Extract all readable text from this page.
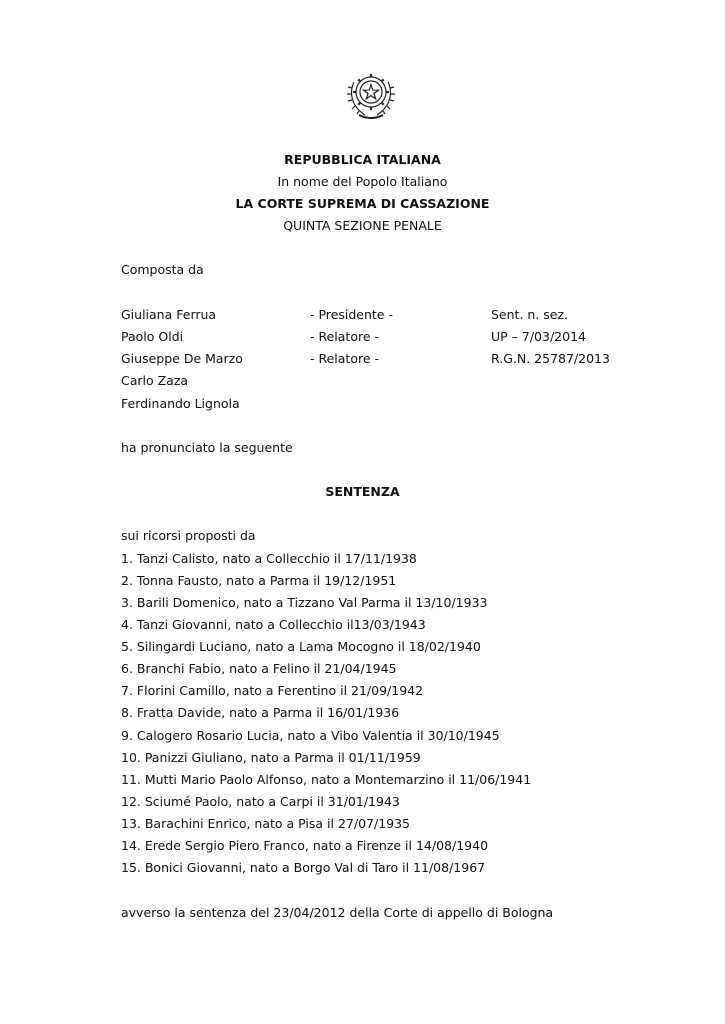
REPUBBLICA ITALIANA
In nome del Popolo Italiano
LA CORTE SUPREMA DI CASSAZIONE
QUINTA SEZIONE PENALE
Composta da
Giuliana Ferrua	- Presidente -	Sent. n. sez.
Paolo Oldi	- Relatore -	UP – 7/03/2014
Giuseppe De Marzo	- Relatore -	R.G.N. 25787/2013
Carlo Zaza
Ferdinando Lignola
ha pronunciato la seguente
SENTENZA
sui ricorsi proposti da
1. Tanzi Calisto, nato a Collecchio il 17/11/1938
2. Tonna Fausto, nato a Parma il 19/12/1951
3. Barili Domenico, nato a Tizzano Val Parma il 13/10/1933
4. Tanzi Giovanni, nato a Collecchio il13/03/1943
5. Silingardi Luciano, nato a Lama Mocogno il 18/02/1940
6. Branchi Fabio, nato a Felino il 21/04/1945
7. Florini Camillo, nato a Ferentino il 21/09/1942
8. Fratta Davide, nato a Parma il 16/01/1936
9. Calogero Rosario Lucia, nato a Vibo Valentia il 30/10/1945
10. Panizzi Giuliano, nato a Parma il 01/11/1959
11. Mutti Mario Paolo Alfonso, nato a Montemarzino il 11/06/1941
12. Sciumé Paolo, nato a Carpi il 31/01/1943
13. Barachini Enrico, nato a Pisa il 27/07/1935
14. Erede Sergio Piero Franco, nato a Firenze il 14/08/1940
15. Bonici Giovanni, nato a Borgo Val di Taro il 11/08/1967
avverso la sentenza del 23/04/2012 della Corte di appello di Bologna
